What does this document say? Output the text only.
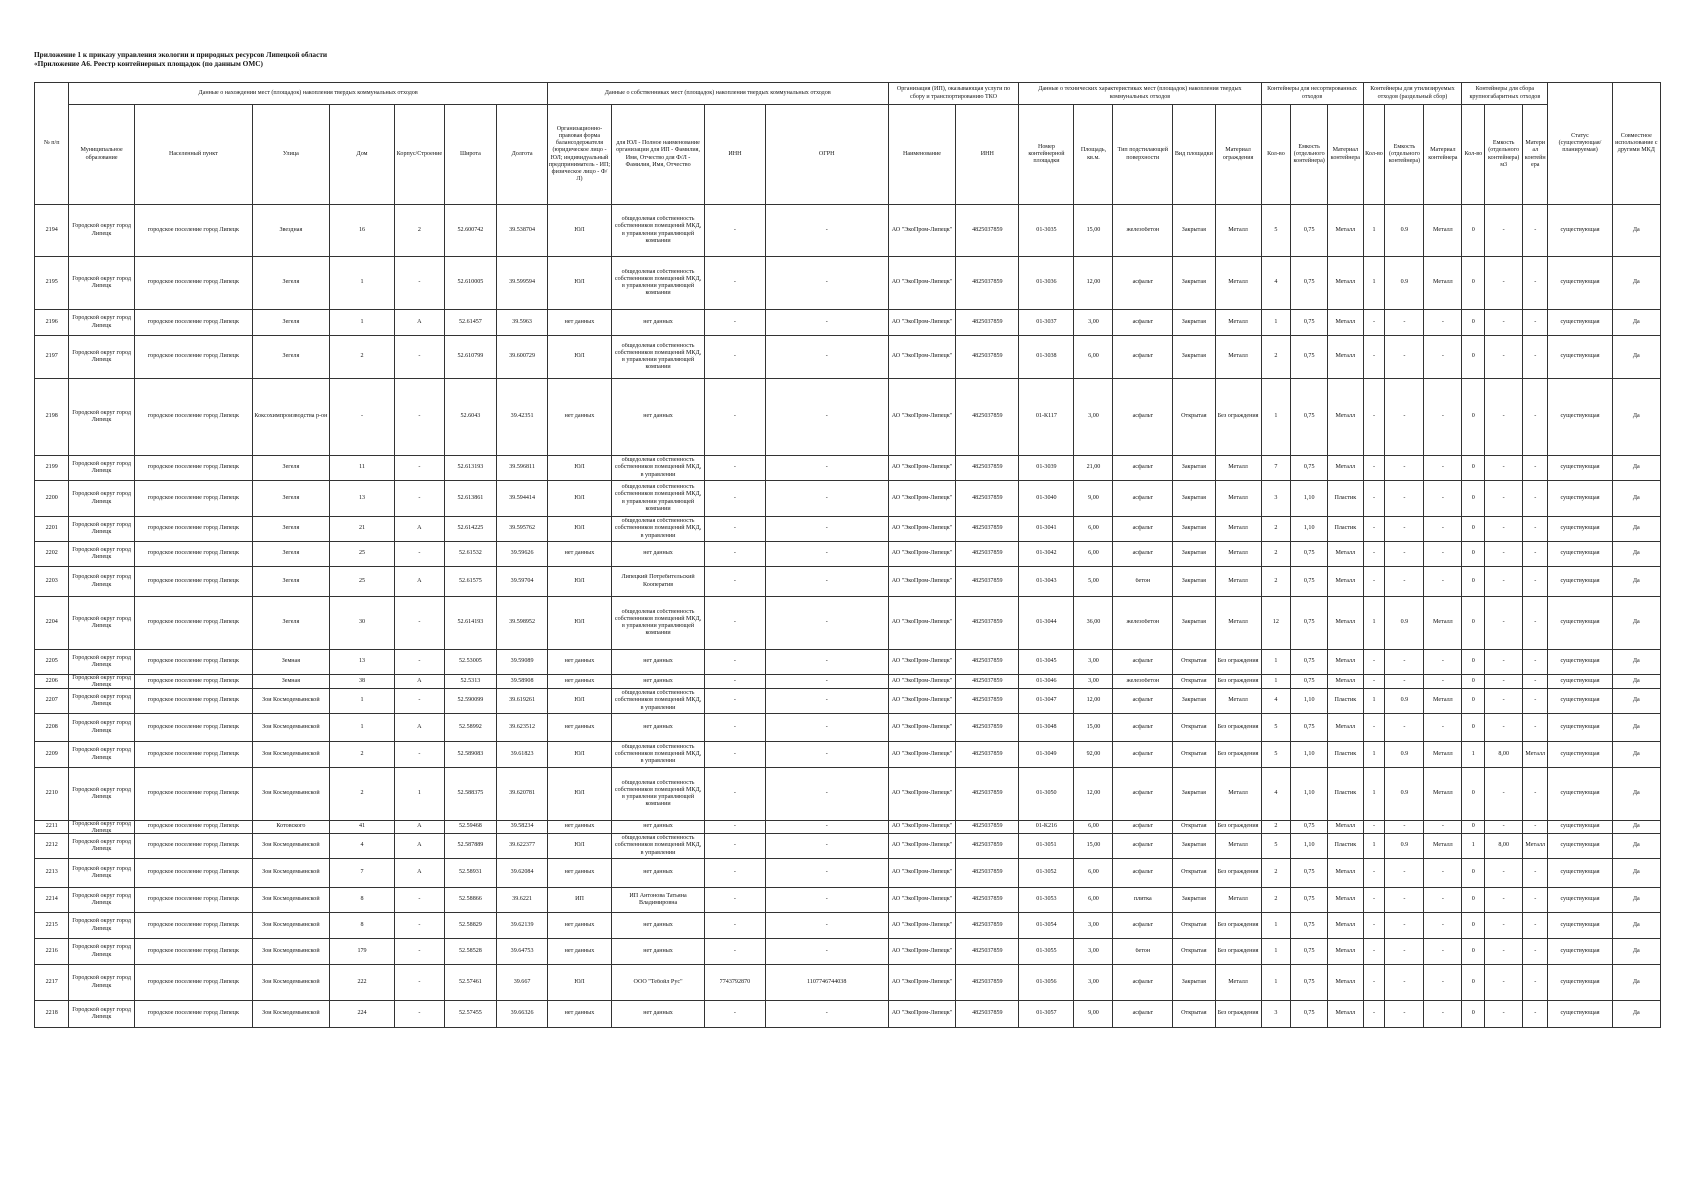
Приложение 1 к приказу управления экологии и природных ресурсов Липецкой области
«Приложение А6. Реестр контейнерных площадок (по данным ОМС)
№ п/п	Данные о нахождении мест (площадок) накопления твердых коммунальных отходов							Данные о собственниках мест (площадок) накопления твердых коммунальных отходов				Организация (ИП), оказывающая услуги по сбору и транспортированию ТКО		Данные о технических характеристиках мест (площадок) накопления твердых коммунальных отходов					Контейнеры для несортированных отходов			Контейнеры для утилизируемых отходов (раздельный сбор)			Контейнеры для сбора крупногабаритных отходов			Статус (существующая/ планируемая)	Совместное использование с другими МКД
	Муниципальное образование	Населенный пункт	Улица	Дом	Корпус/Строение	Широта	Долгота	Организационно-правовая форма балансодержателя (юридическое лицо - ЮЛ; индивидуальный предприниматель - ИП; физическое лицо - Ф/Л)	для ЮЛ - Полное наименование организации для ИП - Фамилия, Имя, Отчество для Ф/Л - Фамилия, Имя, Отчество	ИНН	ОГРН	Наименование	ИНН	Номер контейнерной площадки	Площадь, кв.м.	Тип подстилающей поверхности	Вид площадки	Материал ограждения	Кол-во	Емкость (отдельного контейнера)	Материал контейнера	Кол-во	Емкость (отдельного контейнера)	Материал контейнера	Кол-во	Емкость (отдельного контейнера) м3	Материал контейнера		

2194	Городской округ город Липецк	городское поселение город Липецк	Звездная	16	2	52.600742	39.538704	ЮЛ	общедолевая собственность собственников помещений МКД, в управлении управляющей компании	-	-	АО "ЭкоПром-Липецк"	4825037859	01-3035	15,00	железобетон	Закрытая	Металл	5	0,75	Металл	1	0.9	Металл	0	-	-	существующая	Да

2195	Городской округ город Липецк	городское поселение город Липецк	Зегеля	1	-	52.610005	39.599594	ЮЛ	общедолевая собственность собственников помещений МКД, в управлении управляющей компании	-	-	АО "ЭкоПром-Липецк"	4825037859	01-3036	12,00	асфальт	Закрытая	Металл	4	0,75	Металл	1	0.9	Металл	0	-	-	существующая	Да

2196	Городской округ город Липецк	городское поселение город Липецк	Зегеля	1	А	52.61457	39.5963	нет данных	нет данных	-	-	АО "ЭкоПром-Липецк"	4825037859	01-3037	3,00	асфальт	Закрытая	Металл	1	0,75	Металл	-	-	-	0	-	-	существующая	Да

2197	Городской округ город Липецк	городское поселение город Липецк	Зегеля	2	-	52.610799	39.600729	ЮЛ	общедолевая собственность собственников помещений МКД, в управлении управляющей компании	-	-	АО "ЭкоПром-Липецк"	4825037859	01-3038	6,00	асфальт	Закрытая	Металл	2	0,75	Металл	-	-	-	0	-	-	существующая	Да

2198	Городской округ город Липецк	городское поселение город Липецк	Коксохимпроизводства р-он	-	-	52.6043	39.42351	нет данных	нет данных	-	-	АО "ЭкоПром-Липецк"	4825037859	01-К117	3,00	асфальт	Открытая	Без ограждения	1	0,75	Металл	-	-	-	0	-	-	существующая	Да

2199	Городской округ город Липецк	городское поселение город Липецк	Зегеля	11	-	52.613193	39.596811	ЮЛ	общедолевая собственность собственников помещений МКД, в управлении	-	-	АО "ЭкоПром-Липецк"	4825037859	01-3039	21,00	асфальт	Закрытая	Металл	7	0,75	Металл	-	-	-	0	-	-	существующая	Да

2200	Городской округ город Липецк	городское поселение город Липецк	Зегеля	13	-	52.613861	39.594414	ЮЛ	общедолевая собственность собственников помещений МКД, в управлении управляющей компании	-	-	АО "ЭкоПром-Липецк"	4825037859	01-3040	9,00	асфальт	Закрытая	Металл	3	1,10	Пластик	-	-	-	0	-	-	существующая	Да

2201	Городской округ город Липецк	городское поселение город Липецк	Зегеля	21	А	52.614225	39.595762	ЮЛ	общедолевая собственность собственников помещений МКД, в управлении	-	-	АО "ЭкоПром-Липецк"	4825037859	01-3041	6,00	асфальт	Закрытая	Металл	2	1,10	Пластик	-	-	-	0	-	-	существующая	Да

2202	Городской округ город Липецк	городское поселение город Липецк	Зегеля	25	-	52.61532	39.59626	нет данных	нет данных	-	-	АО "ЭкоПром-Липецк"	4825037859	01-3042	6,00	асфальт	Закрытая	Металл	2	0,75	Металл	-	-	-	0	-	-	существующая	Да

2203	Городской округ город Липецк	городское поселение город Липецк	Зегеля	25	А	52.61575	39.59704	ЮЛ	Липецкий Потребительский Кооператив	-	-	АО "ЭкоПром-Липецк"	4825037859	01-3043	5,00	бетон	Закрытая	Металл	2	0,75	Металл	-	-	-	0	-	-	существующая	Да

2204	Городской округ город Липецк	городское поселение город Липецк	Зегеля	30	-	52.614193	39.598952	ЮЛ	общедолевая собственность собственников помещений МКД, в управлении управляющей компании	-	-	АО "ЭкоПром-Липецк"	4825037859	01-3044	36,00	железобетон	Закрытая	Металл	12	0,75	Металл	1	0.9	Металл	0	-	-	существующая	Да

2205	Городской округ город Липецк	городское поселение город Липецк	Земная	13	-	52.53005	39.59089	нет данных	нет данных	-	-	АО "ЭкоПром-Липецк"	4825037859	01-3045	3,00	асфальт	Открытая	Без ограждения	1	0,75	Металл	-	-	-	0	-	-	существующая	Да

2206	Городской округ город Липецк	городское поселение город Липецк	Земная	38	А	52.5313	39.58908	нет данных	нет данных	-	-	АО "ЭкоПром-Липецк"	4825037859	01-3046	3,00	железобетон	Открытая	Без ограждения	1	0,75	Металл	-	-	-	0	-	-	существующая	Да

2207	Городской округ город Липецк	городское поселение город Липецк	Зои Космодемьянской	1	-	52.590099	39.619261	ЮЛ	общедолевая собственность собственников помещений МКД, в управлении	-	-	АО "ЭкоПром-Липецк"	4825037859	01-3047	12,00	асфальт	Закрытая	Металл	4	1,10	Пластик	1	0.9	Металл	0	-	-	существующая	Да

2208	Городской округ город Липецк	городское поселение город Липецк	Зои Космодемьянской	1	А	52.58992	39.623512	нет данных	нет данных	-	-	АО "ЭкоПром-Липецк"	4825037859	01-3048	15,00	асфальт	Открытая	Без ограждения	5	0,75	Металл	-	-	-	0	-	-	существующая	Да

2209	Городской округ город Липецк	городское поселение город Липецк	Зои Космодемьянской	2	-	52.589083	39.61823	ЮЛ	общедолевая собственность собственников помещений МКД, в управлении	-	-	АО "ЭкоПром-Липецк"	4825037859	01-3049	92,00	асфальт	Открытая	Без ограждения	5	1,10	Пластик	1	0.9	Металл	1	8,00	Металл	существующая	Да

2210	Городской округ город Липецк	городское поселение город Липецк	Зои Космодемьянской	2	1	52.588375	39.620781	ЮЛ	общедолевая собственность собственников помещений МКД, в управлении управляющей компании	-	-	АО "ЭкоПром-Липецк"	4825037859	01-3050	12,00	асфальт	Закрытая	Металл	4	1,10	Пластик	1	0.9	Металл	0	-	-	существующая	Да

2211	Городской округ город Липецк	городское поселение город Липецк	Котовского	41	А	52.59468	39.58234	нет данных	нет данных	-	-	АО "ЭкоПром-Липецк"	4825037859	01-К216	6,00	асфальт	Открытая	Без ограждения	2	0,75	Металл	-	-	-	0	-	-	существующая	Да

2212	Городской округ город Липецк	городское поселение город Липецк	Зои Космодемьянской	4	А	52.587889	39.622377	ЮЛ	общедолевая собственность собственников помещений МКД, в управлении	-	-	АО "ЭкоПром-Липецк"	4825037859	01-3051	15,00	асфальт	Закрытая	Металл	5	1,10	Пластик	1	0.9	Металл	1	8,00	Металл	существующая	Да

2213	Городской округ город Липецк	городское поселение город Липецк	Зои Космодемьянской	7	А	52.58931	39.62084	нет данных	нет данных	-	-	АО "ЭкоПром-Липецк"	4825037859	01-3052	6,00	асфальт	Открытая	Без ограждения	2	0,75	Металл	-	-	-	0	-	-	существующая	Да

2214	Городской округ город Липецк	городское поселение город Липецк	Зои Космодемьянской	8	-	52.58866	39.6221	ИП	ИП Антонова Татьяна Владимировна	-	-	АО "ЭкоПром-Липецк"	4825037859	01-3053	6,00	плитка	Закрытая	Металл	2	0,75	Металл	-	-	-	0	-	-	существующая	Да

2215	Городской округ город Липецк	городское поселение город Липецк	Зои Космодемьянской	8	-	52.58829	39.62139	нет данных	нет данных	-	-	АО "ЭкоПром-Липецк"	4825037859	01-3054	3,00	асфальт	Открытая	Без ограждения	1	0,75	Металл	-	-	-	0	-	-	существующая	Да

2216	Городской округ город Липецк	городское поселение город Липецк	Зои Космодемьянской	179	-	52.58528	39.64753	нет данных	нет данных	-	-	АО "ЭкоПром-Липецк"	4825037859	01-3055	3,00	бетон	Открытая	Без ограждения	1	0,75	Металл	-	-	-	0	-	-	существующая	Да

2217	Городской округ город Липецк	городское поселение город Липецк	Зои Космодемьянской	222	-	52.57461	39.667	ЮЛ	ООО "Тебойл Рус"	7743792870	1107746744038	АО "ЭкоПром-Липецк"	4825037859	01-3056	3,00	асфальт	Закрытая	Металл	1	0,75	Металл	-	-	-	0	-	-	существующая	Да

2218	Городской округ город Липецк	городское поселение город Липецк	Зои Космодемьянской	224	-	52.57455	39.66326	нет данных	нет данных	-	-	АО "ЭкоПром-Липецк"	4825037859	01-3057	9,00	асфальт	Открытая	Без ограждения	3	0,75	Металл	-	-	-	0	-	-	существующая	Да
